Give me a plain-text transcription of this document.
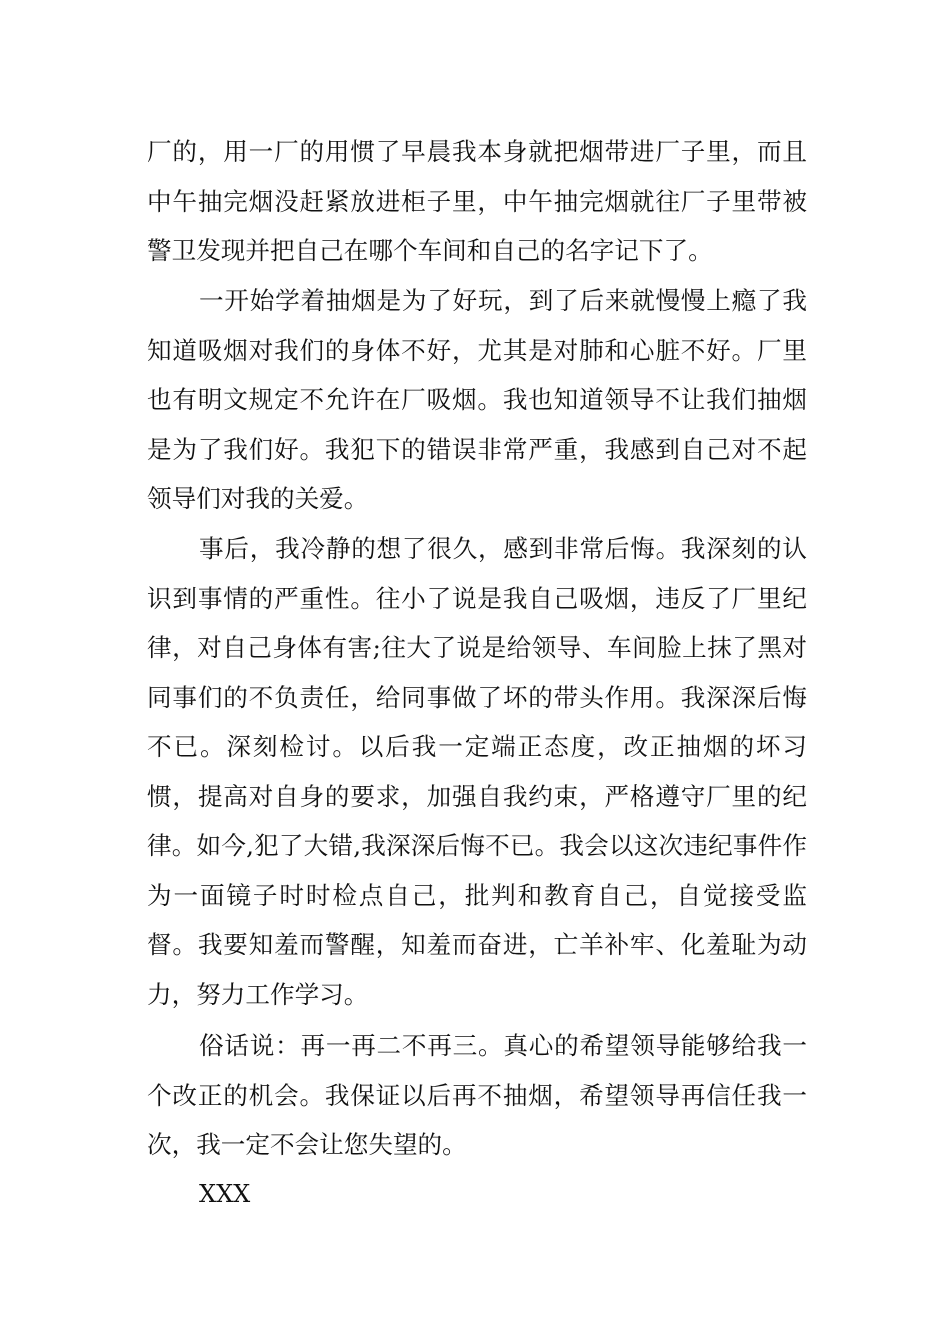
厂的，用一厂的用惯了早晨我本身就把烟带进厂子里，而且中午抽完烟没赶紧放进柜子里，中午抽完烟就往厂子里带被警卫发现并把自己在哪个车间和自己的名字记下了。

一开始学着抽烟是为了好玩，到了后来就慢慢上瘾了我知道吸烟对我们的身体不好，尤其是对肺和心脏不好。厂里也有明文规定不允许在厂吸烟。我也知道领导不让我们抽烟是为了我们好。我犯下的错误非常严重，我感到自己对不起领导们对我的关爱。

事后，我冷静的想了很久，感到非常后悔。我深刻的认识到事情的严重性。往小了说是我自己吸烟，违反了厂里纪律，对自己身体有害;往大了说是给领导、车间脸上抹了黑对同事们的不负责任，给同事做了坏的带头作用。我深深后悔不已。深刻检讨。以后我一定端正态度，改正抽烟的坏习惯，提高对自身的要求，加强自我约束，严格遵守厂里的纪律。如今,犯了大错,我深深后悔不已。我会以这次违纪事件作为一面镜子时时检点自己，批判和教育自己，自觉接受监督。我要知羞而警醒，知羞而奋进，亡羊补牢、化羞耻为动力，努力工作学习。

俗话说：再一再二不再三。真心的希望领导能够给我一个改正的机会。我保证以后再不抽烟，希望领导再信任我一次，我一定不会让您失望的。

XXX
